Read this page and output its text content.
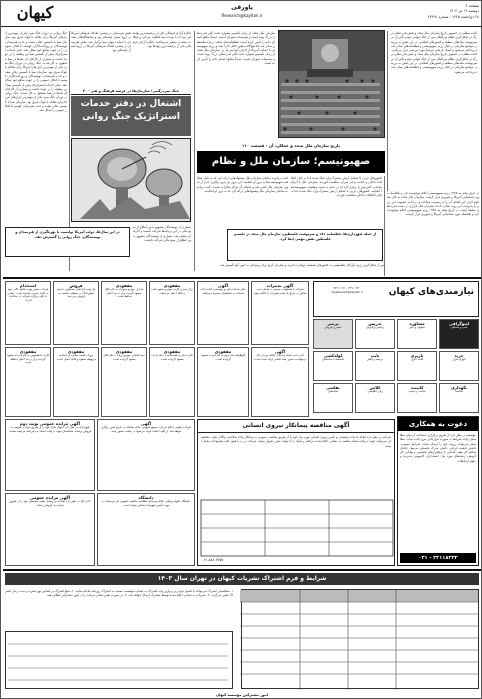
صفحه ۶
دوشنبه ۱۴ تیر ۱۴۰۳
۲۸ ذی‌الحجه ۱۴۴۵ - شماره ۲۳۶۹۱
پاورقی
Research@kayhan.ir
کیهان
ادامه مطلب در خصوص تاریخ سازمان ملل متحد و نقش قدرت‌های بزرگ در شکل‌گیری نظام بین‌الملل پس از جنگ جهانی دوم و تأثیر آن بر سرنوشت ملت‌های منطقه و کشورهای اسلامی. در این بخش به بررسی مواضع سازمان در قبال رژیم صهیونیستی و قطعنامه‌های صادر شده پرداخته می‌شود و اسناد تاریخی مرتبط مورد بررسی قرار می‌گیرد. ادامه مطلب در خصوص تاریخ سازمان ملل متحد و نقش قدرت‌های بزرگ در شکل‌گیری نظام بین‌الملل پس از جنگ جهانی دوم و تأثیر آن بر سرنوشت ملت‌های منطقه و کشورهای اسلامی. در این بخش به بررسی مواضع سازمان در قبال رژیم صهیونیستی و قطعنامه‌های صادر شده پرداخته می‌شود.
سازمان ملل متحد از زمان تأسیس همواره تحت تأثیر قدرت‌های بزرگ بوده است و تصمیمات شورای امنیت عمدتاً منافع اعضای دائم را تأمین کرده است. قطعنامه‌های متعدد درباره فلسطین صادر شد اما هیچ‌گاه به‌طور کامل اجرا نشد و رژیم صهیونیستی با حمایت آمریکا از اجرای آنها سر باز زد. سازمان ملل متحد از زمان تأسیس همواره تحت تأثیر قدرت‌های بزرگ بوده است و تصمیمات شورای امنیت عمدتاً منافع اعضای دائم را تأمین کرده است.
تاریخ سازمان ملل متحد و عملکرد آن - قسمت ۱۱۰
صهیونیسم؛ سازمان ملل و نظام سلطه
در تاریخ پنجم مه ۱۹۴۸ رژیم صهیونیستی اعلام موجودیت کرد و بلافاصله مورد شناسایی آمریکا و شوروی قرار گرفت. سازمان ملل متحد به جای محکوم کردن این اقدام، آن را به رسمیت شناخت و در ادامه عضویت این رژیم را پذیرفت. این روند نشان داد که سازمان ملل ابزاری در دست قدرت‌های سلطه است. در تاریخ پنجم مه ۱۹۴۸ رژیم صهیونیستی اعلام موجودیت کرد و بلافاصله مورد شناسایی آمریکا و شوروی قرار گرفت.
کشورهای عربی با تشکیل ارتش مشترک وارد جنگ شدند اما به دلیل اختلافات داخلی و خیانت برخی سران، شکست خوردند. سازمان ملل با اعزام میانجی، آتش‌بس را برقرار کرد که در عمل به تثبیت موقعیت صهیونیست‌ها انجامید. کشورهای عربی با تشکیل ارتش مشترک وارد جنگ شدند اما به دلیل اختلافات داخلی شکست خوردند.
کنت برنادوت میانجی سازمان ملل پیشنهادهایی ارائه کرد که به دلیل مخالفت صهیونیست‌ها به ترور او انجامید. این ترور نیز بدون پیگیری جدی از سوی سازمان ملل باقی ماند و عاملان آن هرگز مجازات نشدند. کنت برنادوت میانجی سازمان ملل پیشنهادهایی ارائه کرد که به ترور او انجامید.
از جمله شهرداری‌ها، قطعنامه ۱۸۱ و سرنوشت فلسطین، سازمان ملل متحد در تقسیم فلسطین نقش مهمی ایفا کرد.
پس از شکل‌گیری رژیم، آوارگان فلسطینی به کشورهای همسایه مهاجرت کردند و سازمان آنروا برای رسیدگی به امور آنها تأسیس شد.
جنگ سردرگمی؛ سازمان‌ها در عرصه فرهنگ و هنر - ۲۰
اشتغال در دفتر خدمات استراتژیک جنگ روانی
جنگ روانی در دوران جنگ سرد یکی از مهم‌ترین ابزارهای آمریکا برای مقابله با بلوک شرق بود. سازمان سیا با تأسیس دفاتر متعدد و جذب هنرمندان، نویسندگان و روزنامه‌نگاران کوشید تا افکار عمومی را در جهت منافع خود شکل دهد. دفتر خدمات استراتژیک پیش از تأسیس سیا این وظیفه را بر عهده داشت و بسیاری از کارکنان آن بعدها در سیا مشغول به کار شدند. جنگ روانی در دوران جنگ سرد یکی از مهم‌ترین ابزارهای آمریکا برای مقابله با بلوک شرق بود. سازمان سیا با تأسیس دفاتر متعدد و جذب هنرمندان، نویسندگان و روزنامه‌نگاران کوشید تا افکار عمومی را در جهت منافع خود شکل دهد. دفتر خدمات استراتژیک پیش از تأسیس سیا این وظیفه را بر عهده داشت و بسیاری از کارکنان آن بعدها در سیا مشغول به کار شدند. جنگ روانی در دوران جنگ سرد یکی از مهم‌ترین ابزارهای آمریکا برای مقابله با بلوک شرق بود. سازمان سیا با تأسیس دفاتر متعدد و جذب هنرمندان کوشید تا افکار عمومی را شکل دهد.
نقش هنرمندان در پیشبرد اهداف فرهنگی آمریکا در اروپا بسیار چشمگیر بود و نمایشگاه‌های متعددی با حمایت پنهان سیا برگزار شد. نقش هنرمندان در پیشبرد اهداف فرهنگی آمریکا در اروپا بسیار چشمگیر بود.
کنگره آزادی فرهنگی یکی از برجسته‌ترین نهادهایی بود که با بودجه سیا فعالیت می‌کرد و مجلات متعددی منتشر می‌ساخت. کنگره آزادی فرهنگی یکی از برجسته‌ترین نهادها بود.
در این سال‌ها، دولت آمریکا توانست با بهره‌گیری از هنرمندان و نویسندگان، جنگ روانی را گسترش دهد.
بسیاری از نویسندگان مشهور بدون اطلاع از منبع مالی در این برنامه‌ها شرکت داشتند و آثارشان منتشر شد. بسیاری از نویسندگان مشهور بدون اطلاع از منبع مالی شرکت داشتند.
نیازمندی‌های کیهان
۳۳۱۱۰۲۴۰ - ۳۳۱۱۰۲۶۱
niyazmandi@kayhan.ir
استخدام
شرکت معتبر جهت تکمیل کادر خود به افراد مجرب نیازمند است. تماس با دفتر مرکزی شرکت در ساعات اداری.
فروش
یک واحد آپارتمان مسکونی با سند شش‌دانگ در منطقه مناسب به فروش می‌رسد.
مفقودی
مدارک خودرو سواری به نام مالک مفقود گردیده و از درجه اعتبار ساقط است.
مفقودی
برگ سبز و کارت خودرو مفقود شده و فاقد اعتبار می‌باشد.
آگهی
دفتر خدمات فنی و مهندسی آماده ارائه خدمات به متقاضیان محترم می‌باشد.
آگهی تغییرات
شرکت با مسئولیت محدود به شماره ثبت مذکور در تاریخ یاد شده تغییرات را اعلام نمود.
مفقودی
کارت دانشجویی به نام دارنده مفقود گردیده و از درجه اعتبار ساقط است.
مفقودی
پروانه کسب صادره از اتحادیه مربوطه مفقود و فاقد اعتبار است.
مفقودی
سند کمپانی خودرو پراید به نام مالک مفقود گردیده است.
مفقودی
کارت ملی و شناسنامه به نام دارنده مفقود گردیده است.
مفقودی
گواهینامه پایه دوم به نام دارنده مفقود گردیده است.
آگهی
اداره ثبت اسناد و املاک اعلام می‌دارد که درخواست صدور سند المثنی ارائه شده است.
پرینتر
تعمیر و فروش
تدریس
ریاضی و فیزیک
مشاوره
حقوقی و ثبتی
لیتوگرافی
چاپ و صحافی
لوله‌کشی
تأسیسات ساختمان
تایپ
ترجمه و تکثیر
باربری
اثاثیه منزل
خرید
لوازم منزل
نقاشی
ساختمان
کلاس
زبان انگلیسی
کابینت
ساخت و نصب
نگهداری
سالمند
دعوت به همکاری
مؤسسه در نظر دارد از طریق برگزاری مصاحبه، از میان متقاضیان واجد شرایط به صورت قراردادی نیرو جذب نماید. متقاضیان می‌توانند رزومه خود را ارسال نمایند. شرایط عمومی: داشتن تابعیت ایرانی، داشتن مدرک تحصیلی مرتبط، حداقل سابقه کار مفید، آشنایی با نرم‌افزارهای تخصصی و توانایی کار گروهی. رشته‌های مورد نیاز: حسابداری، کامپیوتر، مدیریت و علوم ارتباطات.
۰۲۱ - ۳۳۱۱۸۳۳۳
آگهی مناقصه پیمانکار نیروی انسانی
شرکت در نظر دارد انجام خدمات پشتیبانی و تأمین نیروی انسانی مورد نیاز خود را از طریق مناقصه عمومی به پیمانکار واجد صلاحیت واگذار نماید. متقاضیان می‌توانند جهت دریافت اسناد مناقصه به نشانی اعلام شده مراجعه و اسناد را تا مهلت مقرر تحویل نمایند. شرکت در رد یا قبول کلیه پیشنهادات مختار است.
۰۲۱-۸۸۸۰۳۷۵۷
آگهی مزایده عمومی نوبت دوم
شهرداری در نظر دارد اموال مازاد خود را از طریق مزایده عمومی به فروش برساند. متقاضیان جهت دریافت اسناد به دبیرخانه مراجعه نمایند.
آگهی
شرکت تعاونی اعلام می‌دارد مجمع عمومی عادی سالیانه در تاریخ مقرر برگزار خواهد شد. از کلیه اعضا دعوت می‌شود در جلسه حضور یابند.
آگهی مزایده عمومی
اداره کل در نظر دارد تعدادی از وسایل نقلیه مستعمل خود را از طریق مزایده به فروش رساند.
دانشگاه
دانشگاه علوم پزشکی اعلام می‌نماید اطلاعیه مناقصه عمومی یک مرحله‌ای را جهت تأمین تجهیزات منتشر نموده است.
شرایط و فرم اشتراک نشریات کیهان در تهران سال ۱۴۰۳
۱- متقاضیان اشتراک می‌توانند با تکمیل فرم زیر و واریز وجه اشتراک به حساب مؤسسه، نسبت به اشتراک روزنامه اقدام نمایند. ۲- مبلغ اشتراک بر اساس نوع نشریه و مدت زمان اشتراک تعیین می‌گردد. ۳- نشریات به نشانی اعلام شده توسط مشترک ارسال خواهد شد. ۴- در صورت تغییر نشانی مراتب را به امور مشترکین اطلاع دهید.
امور مشترکین مؤسسه کیهان
